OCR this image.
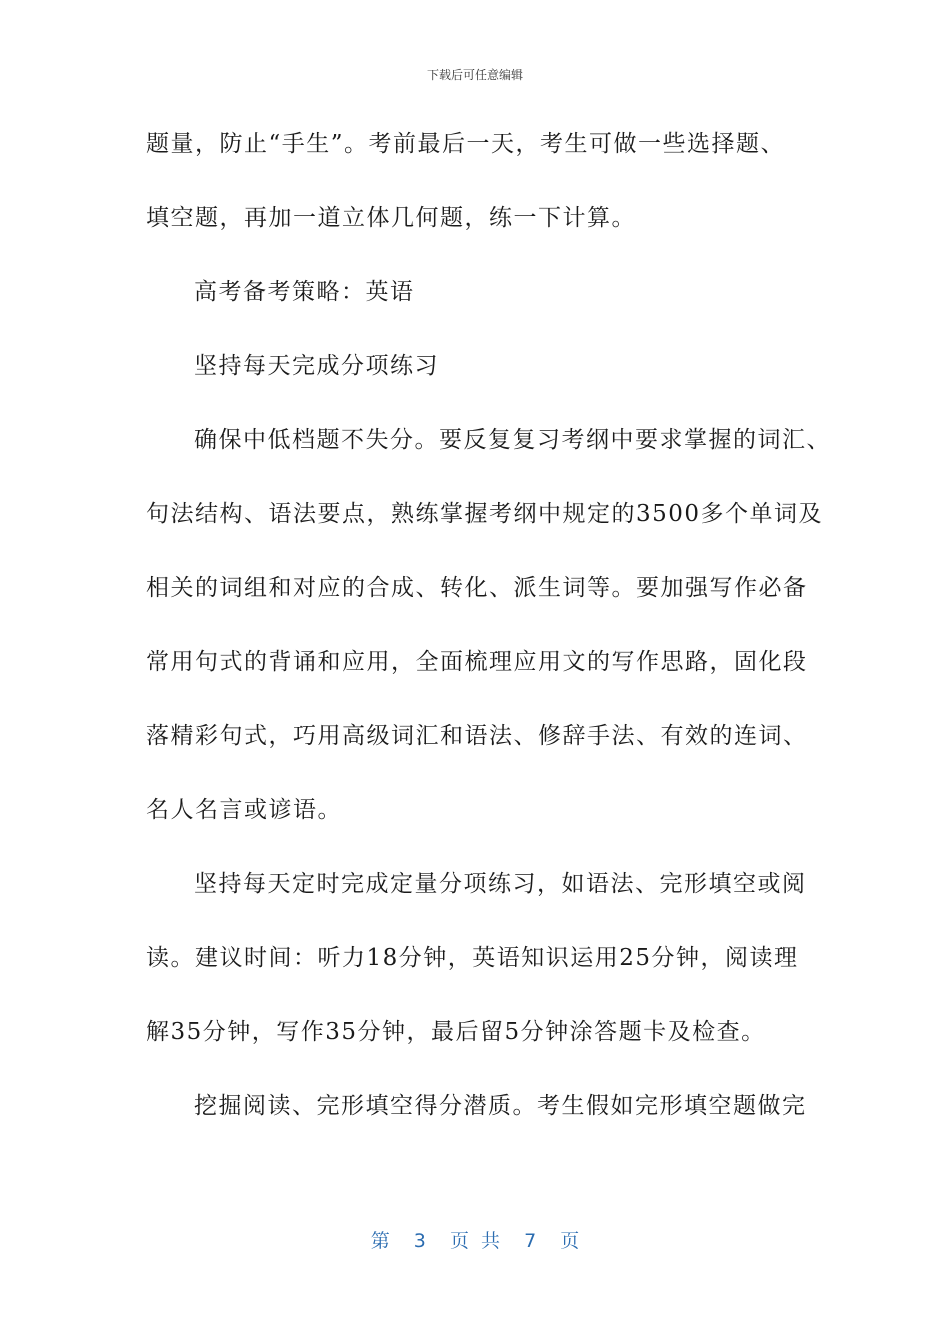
下载后可任意编辑
题量，防止“手生”。考前最后一天，考生可做一些选择题、
填空题，再加一道立体几何题，练一下计算。
高考备考策略：英语
坚持每天完成分项练习
确保中低档题不失分。要反复复习考纲中要求掌握的词汇、
句法结构、语法要点，熟练掌握考纲中规定的3500多个单词及
相关的词组和对应的合成、转化、派生词等。要加强写作必备
常用句式的背诵和应用，全面梳理应用文的写作思路，固化段
落精彩句式，巧用高级词汇和语法、修辞手法、有效的连词、
名人名言或谚语。
坚持每天定时完成定量分项练习，如语法、完形填空或阅
读。建议时间：听力18分钟，英语知识运用25分钟，阅读理
解35分钟，写作35分钟，最后留5分钟涂答题卡及检查。
挖掘阅读、完形填空得分潜质。考生假如完形填空题做完
第  3  页 共  7  页
